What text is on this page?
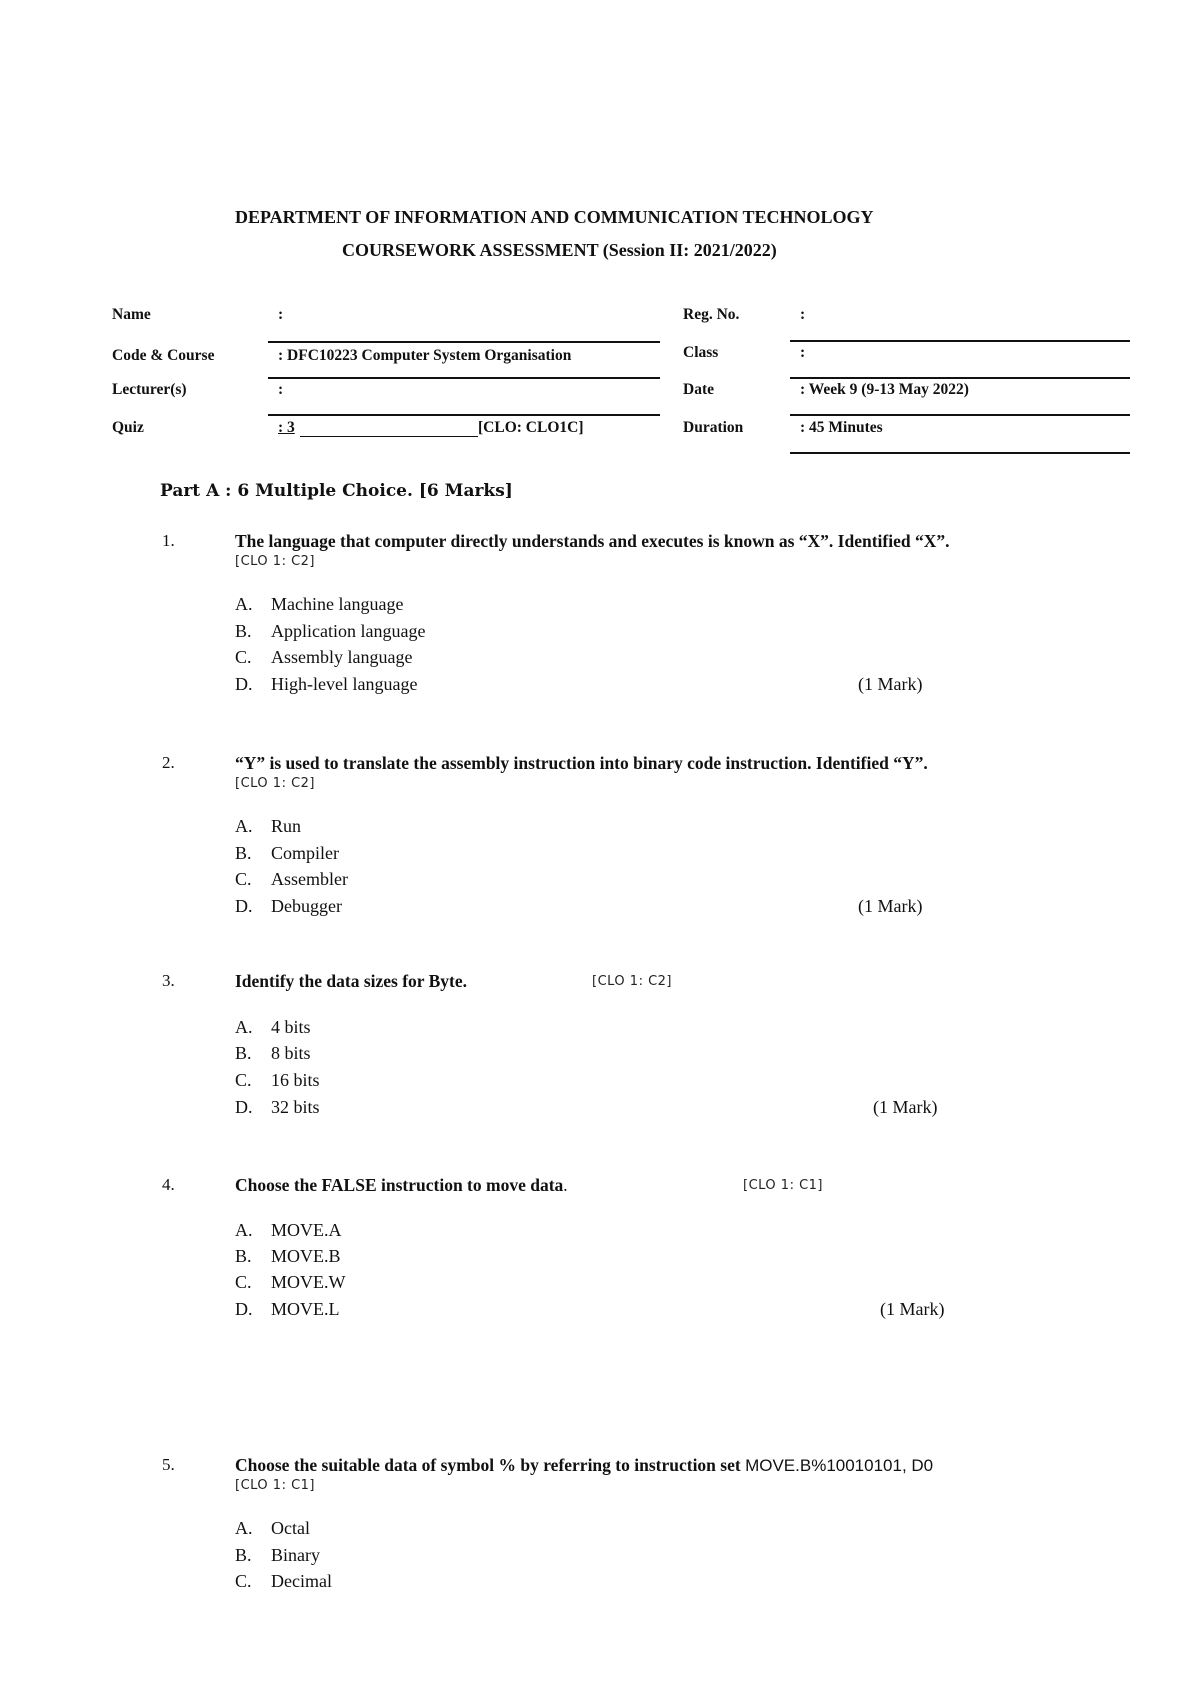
DEPARTMENT OF INFORMATION AND COMMUNICATION TECHNOLOGY
COURSEWORK ASSESSMENT (Session II: 2021/2022)
Name	:	Reg. No.	:
Code & Course	: DFC10223 Computer System Organisation	Class	:
Lecturer(s)	:	Date	: Week 9 (9-13 May 2022)
Quiz	: 3	[CLO: CLO1C]	Duration	: 45 Minutes
Part A : 6 Multiple Choice. [6 Marks]
1.	The language that computer directly understands and executes is known as “X”. Identified “X”.
[CLO 1: C2]
A. Machine language
B. Application language
C. Assembly language
D. High-level language	(1 Mark)
2.	“Y” is used to translate the assembly instruction into binary code instruction. Identified “Y”.
[CLO 1: C2]
A. Run
B. Compiler
C. Assembler
D. Debugger	(1 Mark)
3.	Identify the data sizes for Byte.	[CLO 1: C2]
A. 4 bits
B. 8 bits
C. 16 bits
D. 32 bits	(1 Mark)
4.	Choose the FALSE instruction to move data.	[CLO 1: C1]
A. MOVE.A
B. MOVE.B
C. MOVE.W
D. MOVE.L	(1 Mark)
5.	Choose the suitable data of symbol % by referring to instruction set MOVE.B%10010101, D0
[CLO 1: C1]
A. Octal
B. Binary
C. Decimal
